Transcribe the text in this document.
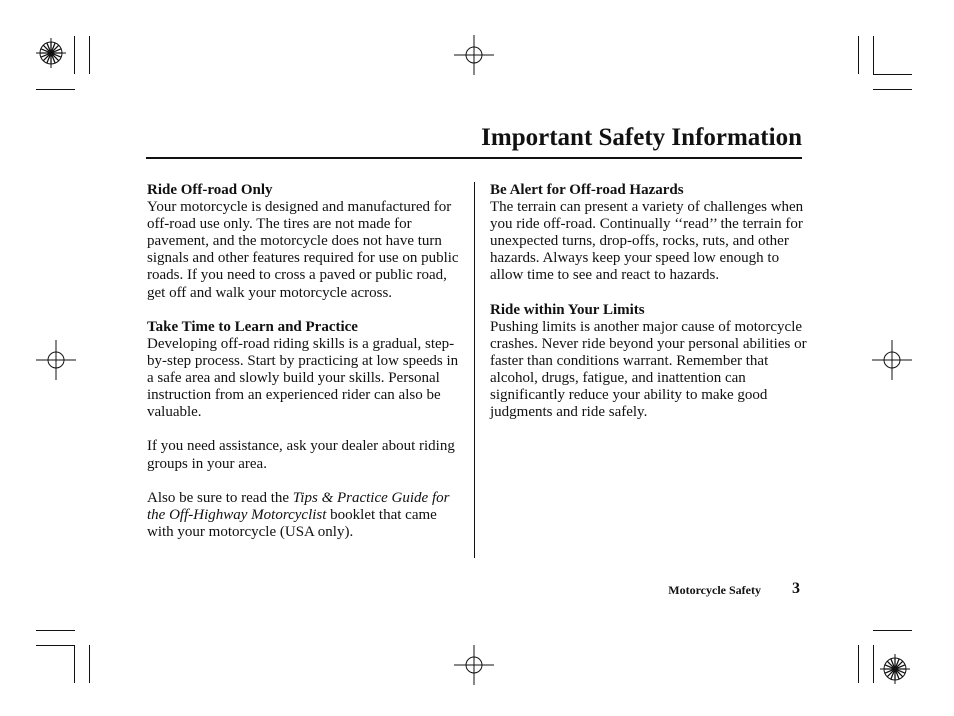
Important Safety Information
Ride Off-road Only

Your motorcycle is designed and manufactured for off-road use only. The tires are not made for pavement, and the motorcycle does not have turn signals and other features required for use on public roads. If you need to cross a paved or public road, get off and walk your motorcycle across.

Take Time to Learn and Practice

Developing off-road riding skills is a gradual, step-by-step process. Start by practicing at low speeds in a safe area and slowly build your skills. Personal instruction from an experienced rider can also be valuable.

If you need assistance, ask your dealer about riding groups in your area.

Also be sure to read the Tips & Practice Guide for the Off-Highway Motorcyclist booklet that came with your motorcycle (USA only).

Be Alert for Off-road Hazards

The terrain can present a variety of challenges when you ride off-road. Continually ‘‘read’’ the terrain for unexpected turns, drop-offs, rocks, ruts, and other hazards. Always keep your speed low enough to allow time to see and react to hazards.

Ride within Your Limits

Pushing limits is another major cause of motorcycle crashes. Never ride beyond your personal abilities or faster than conditions warrant. Remember that alcohol, drugs, fatigue, and inattention can significantly reduce your ability to make good judgments and ride safely.

Motorcycle Safety 3
